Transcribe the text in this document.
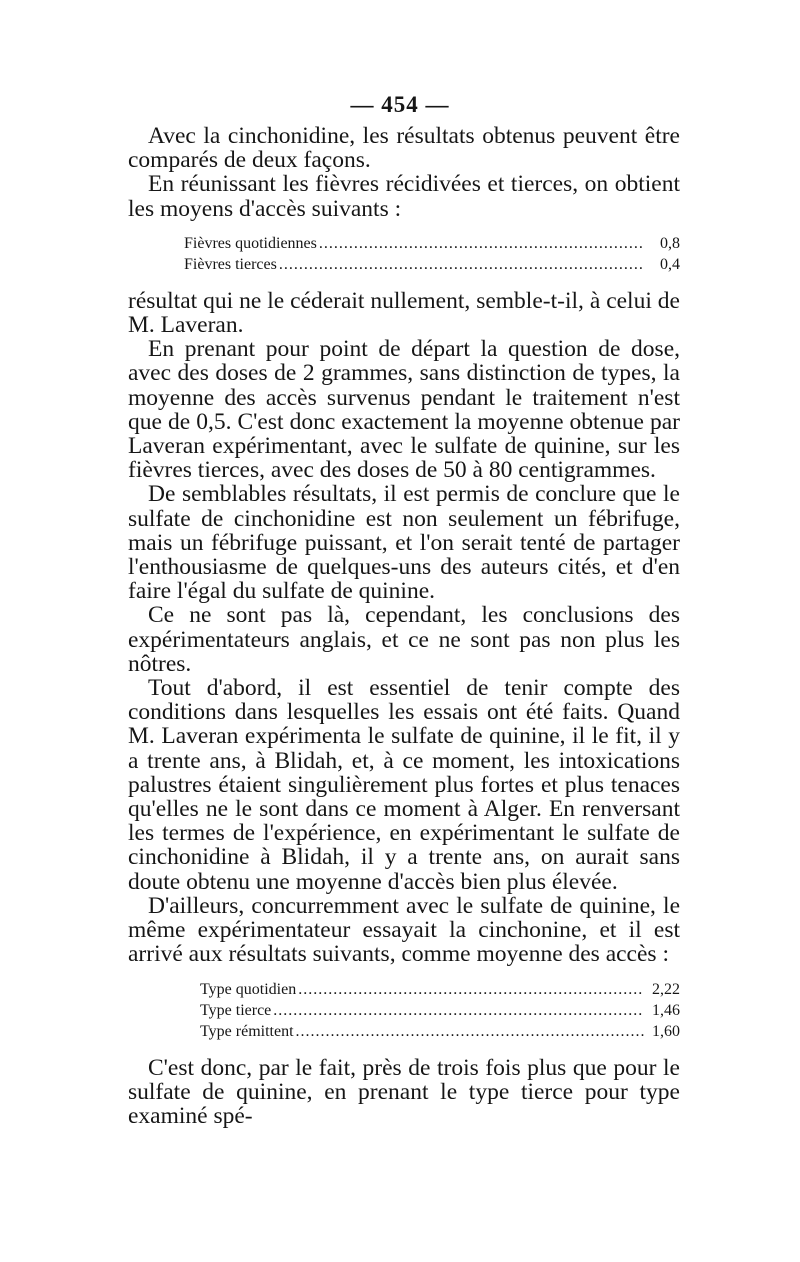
— 454 —

Avec la cinchonidine, les résultats obtenus peuvent être comparés de deux façons.

En réunissant les fièvres récidivées et tierces, on obtient les moyens d'accès suivants :

Fièvres quotidiennes .....	0,8
Fièvres tierces .....	0,4

résultat qui ne le céderait nullement, semble-t-il, à celui de M. Laveran.

En prenant pour point de départ la question de dose, avec des doses de 2 grammes, sans distinction de types, la moyenne des accès survenus pendant le traitement n'est que de 0,5. C'est donc exactement la moyenne obtenue par Laveran expérimentant, avec le sulfate de quinine, sur les fièvres tierces, avec des doses de 50 à 80 centigrammes.

De semblables résultats, il est permis de conclure que le sulfate de cinchonidine est non seulement un fébrifuge, mais un fébrifuge puissant, et l'on serait tenté de partager l'enthousiasme de quelques-uns des auteurs cités, et d'en faire l'égal du sulfate de quinine.

Ce ne sont pas là, cependant, les conclusions des expérimentateurs anglais, et ce ne sont pas non plus les nôtres.

Tout d'abord, il est essentiel de tenir compte des conditions dans lesquelles les essais ont été faits. Quand M. Laveran expérimenta le sulfate de quinine, il le fit, il y a trente ans, à Blidah, et, à ce moment, les intoxications palustres étaient singulièrement plus fortes et plus tenaces qu'elles ne le sont dans ce moment à Alger. En renversant les termes de l'expérience, en expérimentant le sulfate de cinchonidine à Blidah, il y a trente ans, on aurait sans doute obtenu une moyenne d'accès bien plus élevée.

D'ailleurs, concurremment avec le sulfate de quinine, le même expérimentateur essayait la cinchonine, et il est arrivé aux résultats suivants, comme moyenne des accès :

Type quotidien .....	2,22
Type tierce .....	1,46
Type rémittent .....	1,60

C'est donc, par le fait, près de trois fois plus que pour le sulfate de quinine, en prenant le type tierce pour type examiné spé-
